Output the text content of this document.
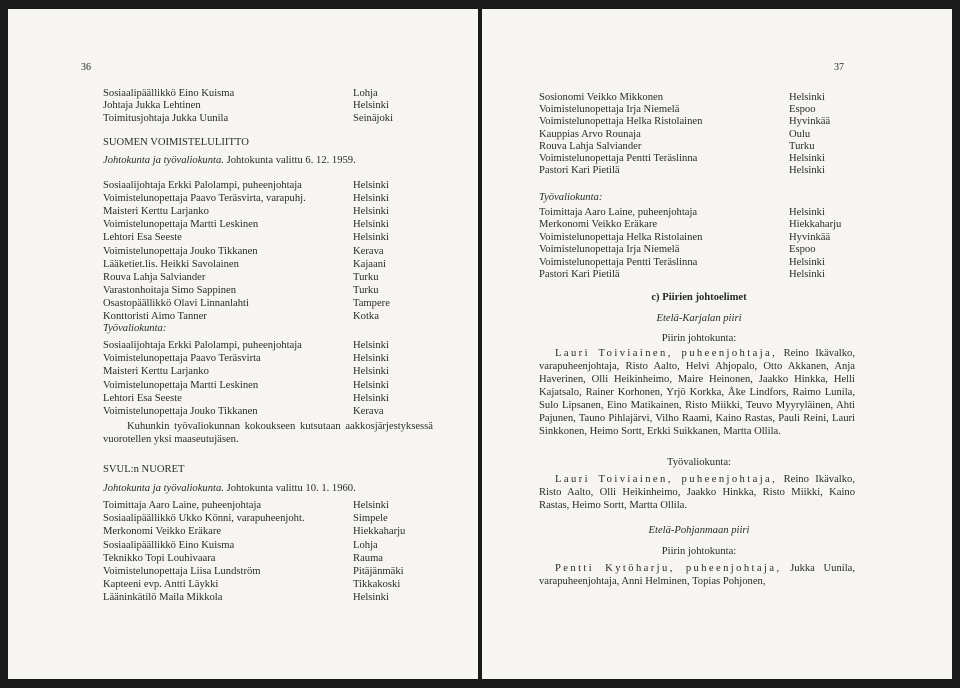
36
Sosiaalipäällikkö Eino Kuisma	Lohja
Johtaja Jukka Lehtinen	Helsinki
Toimitusjohtaja Jukka Uunila	Seinäjoki
SUOMEN VOIMISTELULIITTO
Johtokunta ja työvaliokunta. Johtokunta valittu 6. 12. 1959.
Sosiaalijohtaja Erkki Palolampi, puheenjohtaja	Helsinki
Voimistelunopettaja Paavo Teräsvirta, varapuhj.	Helsinki
Maisteri Kerttu Larjanko	Helsinki
Voimistelunopettaja Martti Leskinen	Helsinki
Lehtori Esa Seeste	Helsinki
Voimistelunopettaja Jouko Tikkanen	Kerava
Lääketiet.lis. Heikki Savolainen	Kajaani
Rouva Lahja Salviander	Turku
Varastonhoitaja Simo Sappinen	Turku
Osastopäällikkö Olavi Linnanlahti	Tampere
Konttoristi Aimo Tanner	Kotka
Työvaliokunta:
Sosiaalijohtaja Erkki Palolampi, puheenjohtaja	Helsinki
Voimistelunopettaja Paavo Teräsvirta	Helsinki
Maisteri Kerttu Larjanko	Helsinki
Voimistelunopettaja Martti Leskinen	Helsinki
Lehtori Esa Seeste	Helsinki
Voimistelunopettaja Jouko Tikkanen	Kerava
Kuhunkin työvaliokunnan kokoukseen kutsutaan aakkosjärjestyksessä vuorotellen yksi maaseutujäsen.
SVUL:n NUORET
Johtokunta ja työvaliokunta. Johtokunta valittu 10. 1. 1960.
Toimittaja Aaro Laine, puheenjohtaja	Helsinki
Sosiaalipäällikkö Ukko Könni, varapuheenjoht.	Simpele
Merkonomi Veikko Eräkare	Hiekkaharju
Sosiaalipäällikkö Eino Kuisma	Lohja
Teknikko Topi Louhivaara	Rauma
Voimistelunopettaja Liisa Lundström	Pitäjänmäki
Kapteeni evp. Antti Läykki	Tikkakoski
Lääninkätilö Maila Mikkola	Helsinki
37
Sosionomi Veikko Mikkonen	Helsinki
Voimistelunopettaja Irja Niemelä	Espoo
Voimistelunopettaja Helka Ristolainen	Hyvinkää
Kauppias Arvo Rounaja	Oulu
Rouva Lahja Salviander	Turku
Voimistelunopettaja Pentti Teräslinna	Helsinki
Pastori Kari Pietilä	Helsinki
Työvaliokunta:
Toimittaja Aaro Laine, puheenjohtaja	Helsinki
Merkonomi Veikko Eräkare	Hiekkaharju
Voimistelunopettaja Helka Ristolainen	Hyvinkää
Voimistelunopettaja Irja Niemelä	Espoo
Voimistelunopettaja Pentti Teräslinna	Helsinki
Pastori Kari Pietilä	Helsinki
c) Piirien johtoelimet
Etelä-Karjalan piiri
Piirin johtokunta:
Lauri Toiviainen, puheenjohtaja, Reino Ikävalko, varapuheenjohtaja, Risto Aalto, Helvi Ahjopalo, Otto Akkanen, Anja Haverinen, Olli Heikinheimo, Maire Heinonen, Jaakko Hinkka, Helli Kajatsalo, Rainer Korhonen, Yrjö Korkka, Åke Lindfors, Raimo Lunila, Sulo Lipsanen, Eino Matikainen, Risto Miikki, Teuvo Myyryläinen, Ahti Pajunen, Tauno Pihlajärvi, Vilho Raami, Kaino Rastas, Pauli Reini, Lauri Sinkkonen, Heimo Sortt, Erkki Suikkanen, Martta Ollila.
Työvaliokunta:
Lauri Toiviainen, puheenjohtaja, Reino Ikävalko, Risto Aalto, Olli Heikinheimo, Jaakko Hinkka, Risto Miikki, Kaino Rastas, Heimo Sortt, Martta Ollila.
Etelä-Pohjanmaan piiri
Piirin johtokunta:
Pentti Kytöharju, puheenjohtaja, Jukka Uunila, varapuheenjohtaja, Anni Helminen, Topias Pohjonen,
